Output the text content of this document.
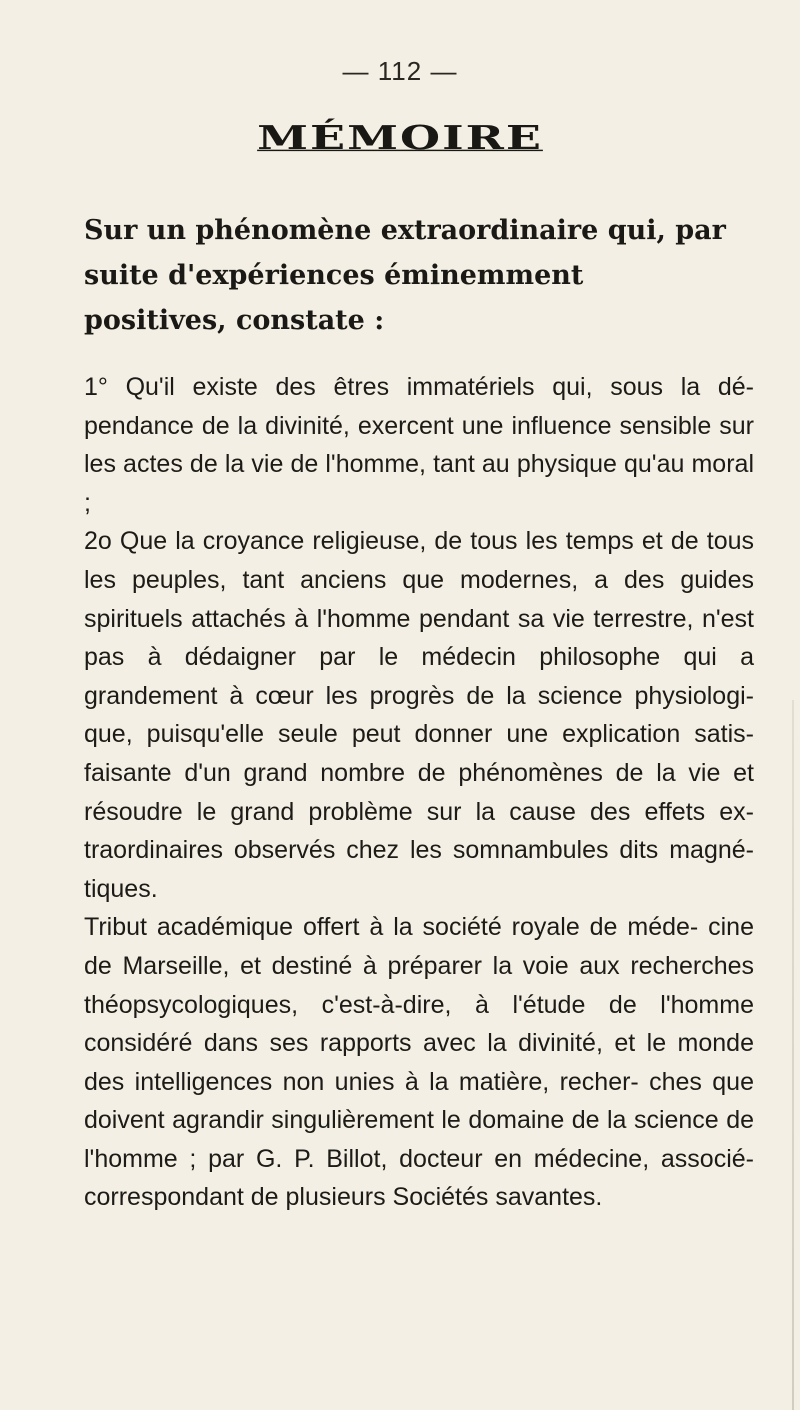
— 112 —
MÉMOIRE
Sur un phénomène extraordinaire qui, par suite d'expériences éminemment positives, constate :

1° Qu'il existe des êtres immatériels qui, sous la dé- pendance de la divinité, exercent une influence sensible sur les actes de la vie de l'homme, tant au physique qu'au moral ;

2o Que la croyance religieuse, de tous les temps et de tous les peuples, tant anciens que modernes, a des guides spirituels attachés à l'homme pendant sa vie terrestre, n'est pas à dédaigner par le médecin philosophe qui a grandement à cœur les progrès de la science physiologi- que, puisqu'elle seule peut donner une explication satis- faisante d'un grand nombre de phénomènes de la vie et résoudre le grand problème sur la cause des effets ex- traordinaires observés chez les somnambules dits magné- tiques.

Tribut académique offert à la société royale de méde- cine de Marseille, et destiné à préparer la voie aux recherches théopsycologiques, c'est-à-dire, à l'étude de l'homme considéré dans ses rapports avec la divinité, et le monde des intelligences non unies à la matière, recher- ches que doivent agrandir singulièrement le domaine de la science de l'homme ; par G. P. Billot, docteur en médecine, associé-correspondant de plusieurs Sociétés savantes.
